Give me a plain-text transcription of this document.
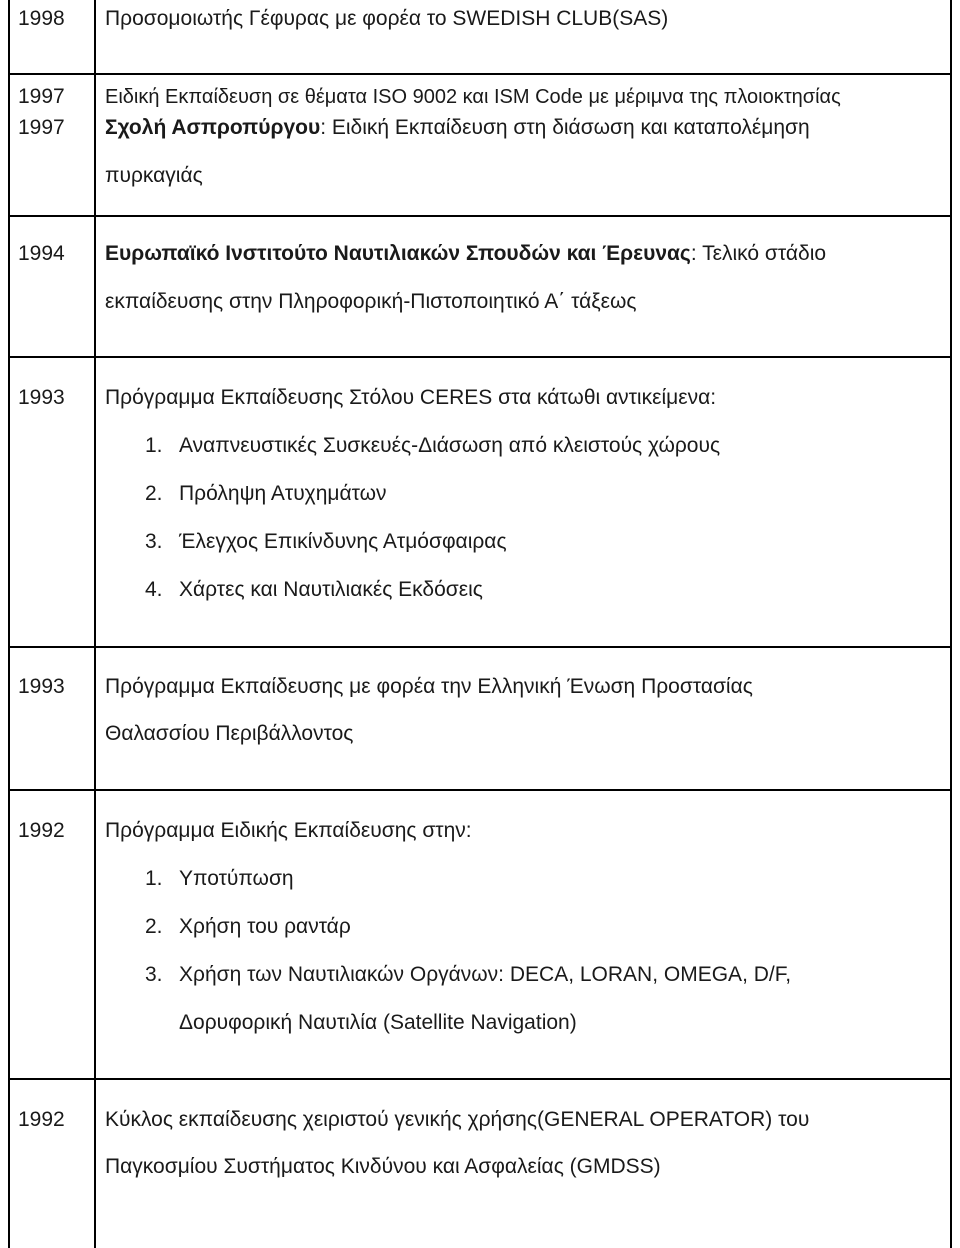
1998 Προσομοιωτής Γέφυρας με φορέα το SWEDISH CLUB(SAS)
1997 Ειδική Εκπαίδευση σε θέματα ISO 9002 και ISM Code με μέριμνα της πλοιοκτησίας
1997 Σχολή Ασπροπύργου: Ειδική Εκπαίδευση στη διάσωση και καταπολέμηση
πυρκαγιάς
1994 Ευρωπαϊκό Ινστιτούτο Ναυτιλιακών Σπουδών και Έρευνας: Τελικό στάδιο
εκπαίδευσης στην Πληροφορική-Πιστοποιητικό Α΄ τάξεως
1993 Πρόγραμμα Εκπαίδευσης Στόλου CERES στα κάτωθι αντικείμενα:
1. Αναπνευστικές Συσκευές-Διάσωση από κλειστούς χώρους
2. Πρόληψη Ατυχημάτων
3. Έλεγχος Επικίνδυνης Ατμόσφαιρας
4. Χάρτες και Ναυτιλιακές Εκδόσεις
1993 Πρόγραμμα Εκπαίδευσης με φορέα την Ελληνική Ένωση Προστασίας
Θαλασσίου Περιβάλλοντος
1992 Πρόγραμμα Ειδικής Εκπαίδευσης στην:
1. Υποτύπωση
2. Χρήση του ραντάρ
3. Χρήση των Ναυτιλιακών Οργάνων: DECA, LORAN, OMEGA, D/F,
Δορυφορική Ναυτιλία (Satellite Navigation)
1992 Κύκλος εκπαίδευσης χειριστού γενικής χρήσης(GENERAL OPERATOR) του
Παγκοσμίου Συστήματος Κινδύνου και Ασφαλείας (GMDSS)
